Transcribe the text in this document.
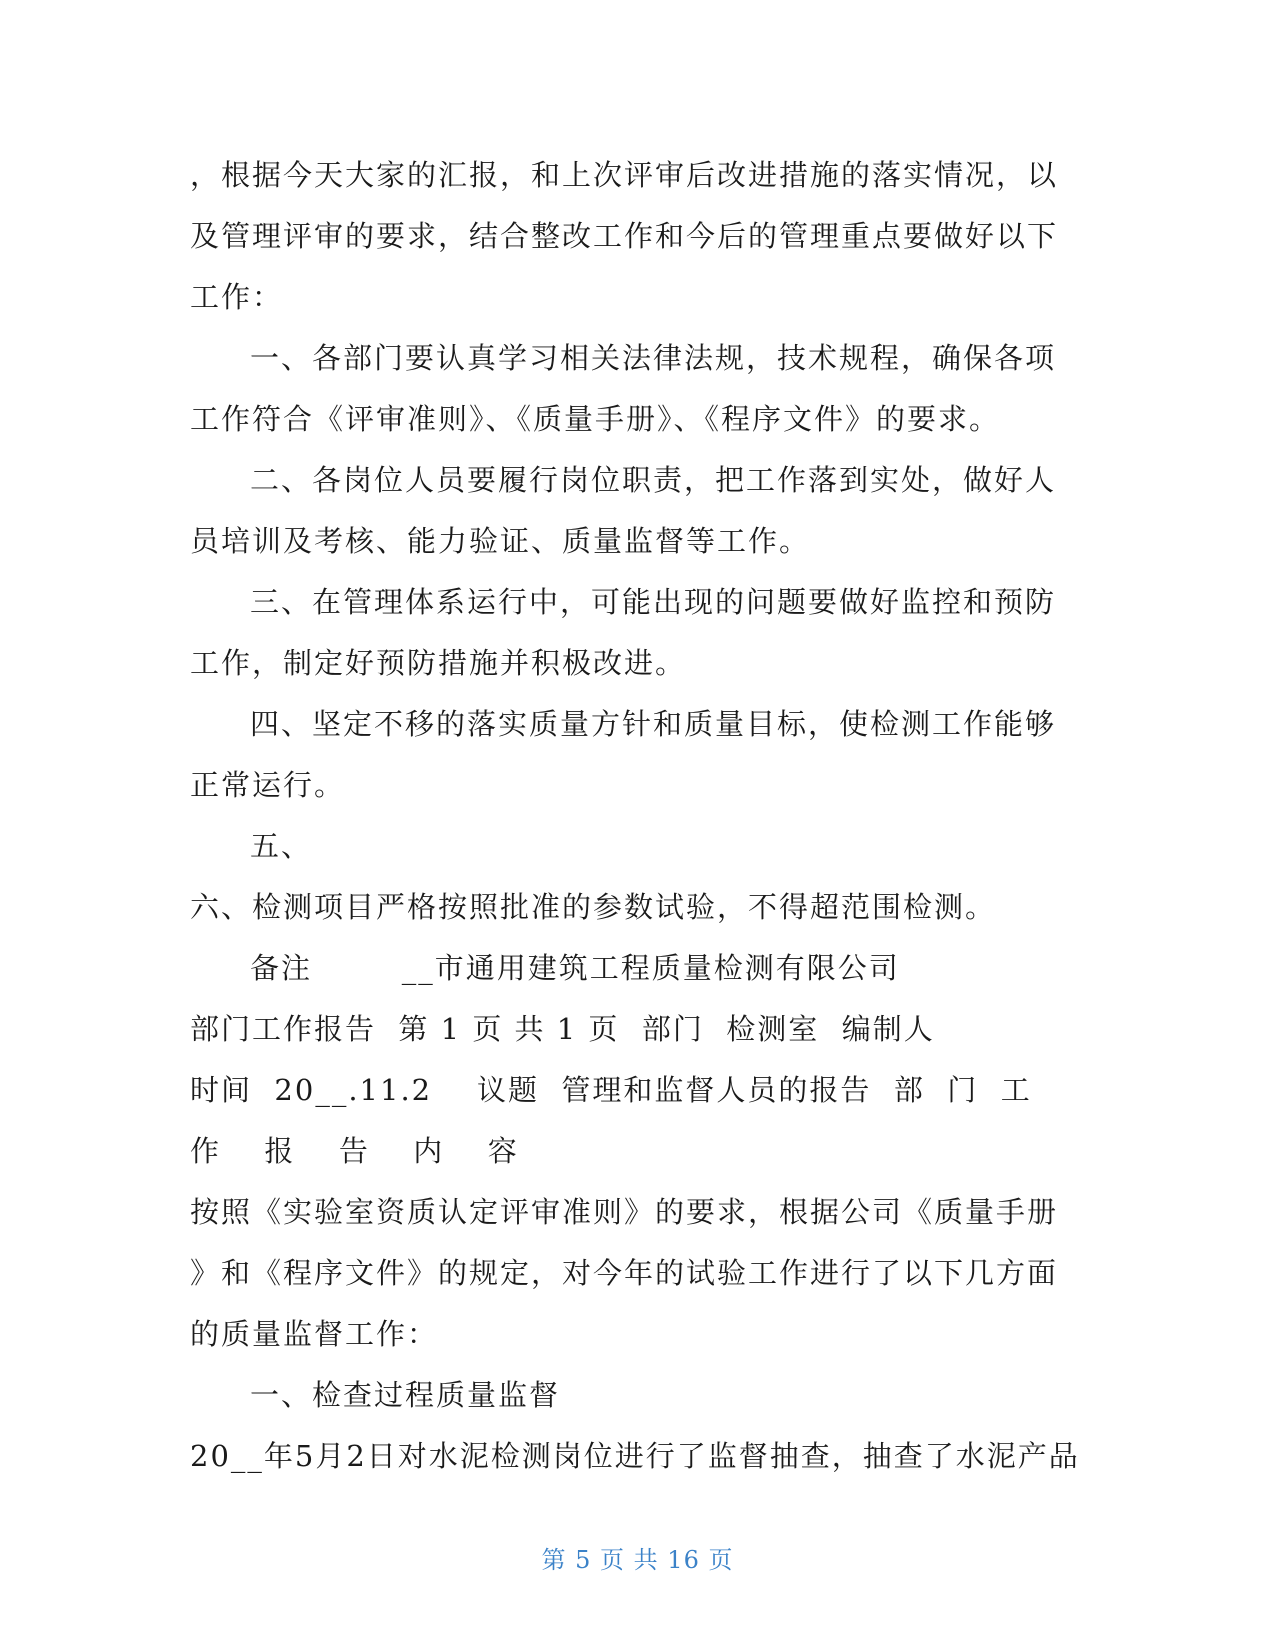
，根据今天大家的汇报，和上次评审后改进措施的落实情况，以
及管理评审的要求，结合整改工作和今后的管理重点要做好以下
工作：
一、各部门要认真学习相关法律法规，技术规程，确保各项
工作符合《评审准则》、《质量手册》、《程序文件》的要求。
二、各岗位人员要履行岗位职责，把工作落到实处，做好人
员培训及考核、能力验证、质量监督等工作。
三、在管理体系运行中，可能出现的问题要做好监控和预防
工作，制定好预防措施并积极改进。
四、坚定不移的落实质量方针和质量目标，使检测工作能够
正常运行。
五、
六、检测项目严格按照批准的参数试验，不得超范围检测。
备注        __市通用建筑工程质量检测有限公司
部门工作报告  第 1 页 共 1 页  部门  检测室  编制人
时间  20__.11.2    议题  管理和监督人员的报告  部  门  工
作  报  告  内  容
按照《实验室资质认定评审准则》的要求，根据公司《质量手册
》和《程序文件》的规定，对今年的试验工作进行了以下几方面
的质量监督工作：
一、检查过程质量监督
20__年5月2日对水泥检测岗位进行了监督抽查，抽查了水泥产品
第 5 页 共 16 页
